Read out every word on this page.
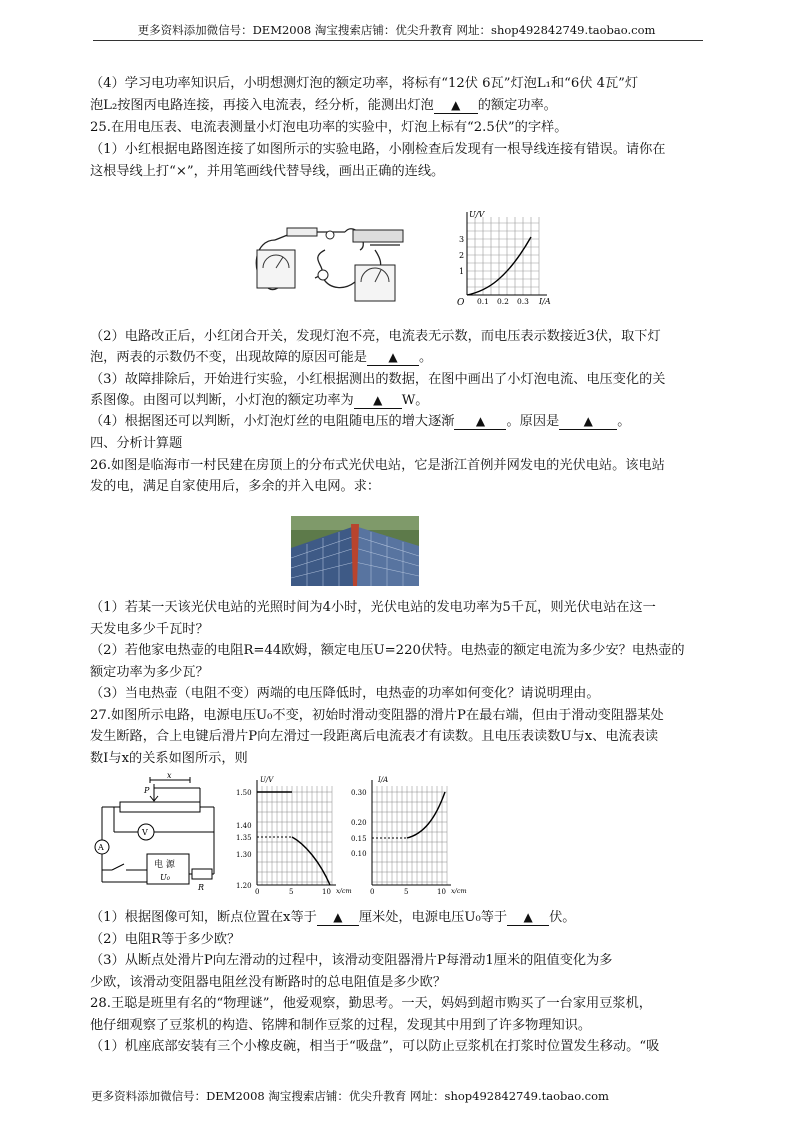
更多资料添加微信号：DEM2008 淘宝搜索店铺：优尖升教育 网址：shop492842749.taobao.com
（4）学习电功率知识后，小明想测灯泡的额定功率，将标有“12伏 6瓦”灯泡L₁和“6伏 4瓦”灯
泡L₂按图丙电路连接，再接入电流表，经分析，能测出灯泡 ▲ 的额定功率。
25.在用电压表、电流表测量小灯泡电功率的实验中，灯泡上标有“2.5伏”的字样。
（1）小红根据电路图连接了如图所示的实验电路，小刚检查后发现有一根导线连接有错误。请你在
这根导线上打“×”，并用笔画线代替导线，画出正确的连线。
U/V
I/A
O
1
2
3
0.1 0.2 0.3
（2）电路改正后，小红闭合开关，发现灯泡不亮，电流表无示数，而电压表示数接近3伏，取下灯
泡，两表的示数仍不变，出现故障的原因可能是 ▲ 。
（3）故障排除后，开始进行实验，小红根据测出的数据，在图中画出了小灯泡电流、电压变化的关
系图像。由图可以判断，小灯泡的额定功率为 ▲ W。
（4）根据图还可以判断，小灯泡灯丝的电阻随电压的增大逐渐 ▲ 。原因是 ▲ 。
四、分析计算题
26.如图是临海市一村民建在房顶上的分布式光伏电站，它是浙江首例并网发电的光伏电站。该电站
发的电，满足自家使用后，多余的并入电网。求：
（1）若某一天该光伏电站的光照时间为4小时，光伏电站的发电功率为5千瓦，则光伏电站在这一
天发电多少千瓦时？
（2）若他家电热壶的电阻R=44欧姆，额定电压U=220伏特。电热壶的额定电流为多少安？电热壶的
额定功率为多少瓦？
（3）当电热壶（电阻不变）两端的电压降低时，电热壶的功率如何变化？请说明理由。
27.如图所示电路，电源电压U₀不变，初始时滑动变阻器的滑片P在最右端，但由于滑动变阻器某处
发生断路，合上电键后滑片P向左滑过一段距离后电流表才有读数。且电压表读数U与x、电流表读
数I与x的关系如图所示，则
x
P
V
A
电 源
U₀
R
U/V
x/cm
1.50
1.40
1.35
1.30
1.20
0	5	10
I/A
x/cm
0.30
0.20
0.15
0.10
0	5	10
（1）根据图像可知，断点位置在x等于 ▲ 厘米处，电源电压U₀等于 ▲ 伏。
（2）电阻R等于多少欧？
（3）从断点处滑片P向左滑动的过程中，该滑动变阻器滑片P每滑动1厘米的阻值变化为多
少欧，该滑动变阻器电阻丝没有断路时的总电阻值是多少欧？
28.王聪是班里有名的“物理谜”，他爱观察，勤思考。一天，妈妈到超市购买了一台家用豆浆机，
他仔细观察了豆浆机的构造、铭牌和制作豆浆的过程，发现其中用到了许多物理知识。
（1）机座底部安装有三个小橡皮碗，相当于“吸盘”，可以防止豆浆机在打浆时位置发生移动。“吸
更多资料添加微信号：DEM2008 淘宝搜索店铺：优尖升教育 网址：shop492842749.taobao.com
